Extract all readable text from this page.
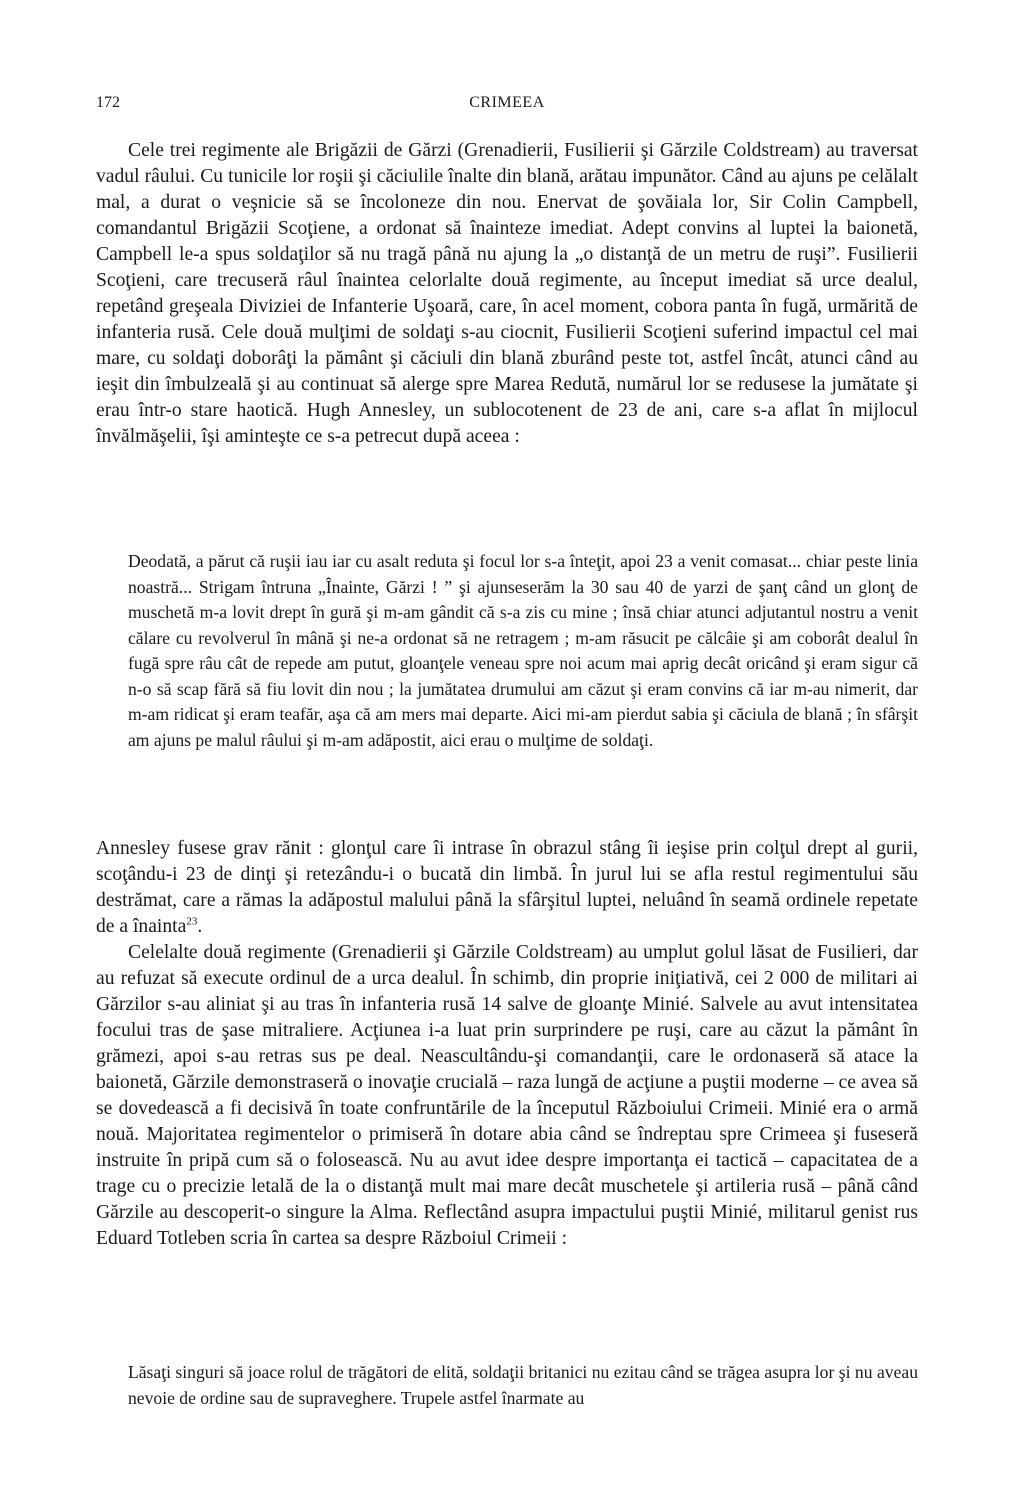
172	CRIMEEA

Cele trei regimente ale Brigăzii de Gărzi (Grenadierii, Fusilierii şi Gărzile Coldstream) au traversat vadul râului. Cu tunicile lor roşii şi căciulile înalte din blană, arătau impunător. Când au ajuns pe celălalt mal, a durat o veşnicie să se încoloneze din nou. Enervat de şovăiala lor, Sir Colin Campbell, comandantul Brigăzii Scoţiene, a ordonat să înainteze imediat. Adept convins al luptei la baionetă, Campbell le-a spus soldaţilor să nu tragă până nu ajung la „o distanţă de un metru de ruşi”. Fusilierii Scoţieni, care trecuseră râul înaintea celorlalte două regimente, au început imediat să urce dealul, repetând greşeala Diviziei de Infanterie Uşoară, care, în acel moment, cobora panta în fugă, urmărită de infanteria rusă. Cele două mulţimi de soldaţi s-au ciocnit, Fusilierii Scoţieni suferind impactul cel mai mare, cu soldaţi doborâţi la pământ şi căciuli din blană zburând peste tot, astfel încât, atunci când au ieşit din îmbulzeală şi au continuat să alerge spre Marea Redută, numărul lor se redusese la jumătate şi erau într-o stare haotică. Hugh Annesley, un sublocotenent de 23 de ani, care s-a aflat în mijlocul învălmăşelii, îşi aminteşte ce s-a petrecut după aceea :

Deodată, a părut că ruşii iau iar cu asalt reduta şi focul lor s-a înteţit, apoi 23 a venit comasat... chiar peste linia noastră... Strigam întruna „Înainte, Gărzi ! ” şi ajunseserăm la 30 sau 40 de yarzi de şanţ când un glonţ de muschetă m-a lovit drept în gură şi m-am gândit că s-a zis cu mine ; însă chiar atunci adjutantul nostru a venit călare cu revolverul în mână şi ne-a ordonat să ne retragem ; m-am răsucit pe călcâie şi am coborât dealul în fugă spre râu cât de repede am putut, gloanţele veneau spre noi acum mai aprig decât oricând şi eram sigur că n-o să scap fără să fiu lovit din nou ; la jumătatea drumului am căzut şi eram convins că iar m-au nimerit, dar m-am ridicat şi eram teafăr, aşa că am mers mai departe. Aici mi-am pierdut sabia şi căciula de blană ; în sfârşit am ajuns pe malul râului şi m-am adăpostit, aici erau o mulţime de soldaţi.

Annesley fusese grav rănit : glonţul care îi intrase în obrazul stâng îi ieşise prin colţul drept al gurii, scoţându-i 23 de dinţi şi retezându-i o bucată din limbă. În jurul lui se afla restul regimentului său destrămat, care a rămas la adăpostul malului până la sfârşitul luptei, neluând în seamă ordinele repetate de a înainta$^{23}$.

Celelalte două regimente (Grenadierii şi Gărzile Coldstream) au umplut golul lăsat de Fusilieri, dar au refuzat să execute ordinul de a urca dealul. În schimb, din proprie iniţiativă, cei 2 000 de militari ai Gărzilor s-au aliniat şi au tras în infanteria rusă 14 salve de gloanţe Minié. Salvele au avut intensitatea focului tras de şase mitraliere. Acţiunea i-a luat prin surprindere pe ruşi, care au căzut la pământ în grămezi, apoi s-au retras sus pe deal. Neascultându-şi comandanţii, care le ordonaseră să atace la baionetă, Gărzile demonstraseră o inovaţie crucială – raza lungă de acţiune a puştii moderne – ce avea să se dovedească a fi decisivă în toate confruntările de la începutul Războiului Crimeii. Minié era o armă nouă. Majoritatea regimentelor o primiseră în dotare abia când se îndreptau spre Crimeea şi fuseseră instruite în pripă cum să o folosească. Nu au avut idee despre importanţa ei tactică – capacitatea de a trage cu o precizie letală de la o distanţă mult mai mare decât muschetele şi artileria rusă – până când Gărzile au descoperit-o singure la Alma. Reflectând asupra impactului puştii Minié, militarul genist rus Eduard Totleben scria în cartea sa despre Războiul Crimeii :

Lăsaţi singuri să joace rolul de trăgători de elită, soldaţii britanici nu ezitau când se trăgea asupra lor şi nu aveau nevoie de ordine sau de supraveghere. Trupele astfel înarmate au
